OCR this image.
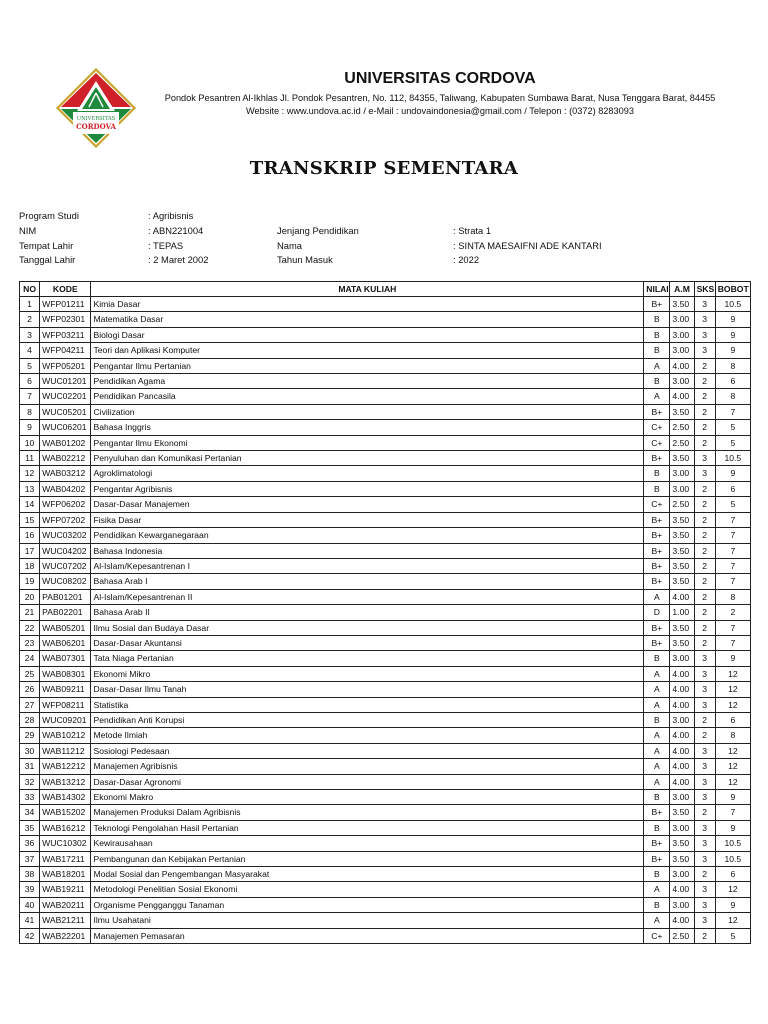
UNIVERSITAS
CORDOVA
UNIVERSITAS CORDOVA
Pondok Pesantren Al-Ikhlas Jl. Pondok Pesantren, No. 112, 84355, Taliwang, Kabupaten Sumbawa Barat, Nusa Tenggara Barat, 84455
Website : www.undova.ac.id / e-Mail : undovaindonesia@gmail.com / Telepon : (0372) 8283093
TRANSKRIP SEMENTARA
Program Studi	: Agribisnis
NIM	: ABN221004
Tempat Lahir	: TEPAS
Tanggal Lahir	: 2 Maret 2002
Jenjang Pendidikan	: Strata 1
Nama	: SINTA MAESAIFNI ADE KANTARI
Tahun Masuk	: 2022
NO	KODE	MATA KULIAH	NILAI	A.M	SKS	BOBOT
1	WFP01211	Kimia Dasar	B+	3.50	3	10.5
2	WFP02301	Matematika Dasar	B	3.00	3	9
3	WFP03211	Biologi Dasar	B	3.00	3	9
4	WFP04211	Teori dan Aplikasi Komputer	B	3.00	3	9
5	WFP05201	Pengantar Ilmu Pertanian	A	4.00	2	8
6	WUC01201	Pendidikan Agama	B	3.00	2	6
7	WUC02201	Pendidikan Pancasila	A	4.00	2	8
8	WUC05201	Civilization	B+	3.50	2	7
9	WUC06201	Bahasa Inggris	C+	2.50	2	5
10	WAB01202	Pengantar Ilmu Ekonomi	C+	2.50	2	5
11	WAB02212	Penyuluhan dan Komunikasi Pertanian	B+	3.50	3	10.5
12	WAB03212	Agroklimatologi	B	3.00	3	9
13	WAB04202	Pengantar Agribisnis	B	3.00	2	6
14	WFP06202	Dasar-Dasar Manajemen	C+	2.50	2	5
15	WFP07202	Fisika Dasar	B+	3.50	2	7
16	WUC03202	Pendidikan Kewarganegaraan	B+	3.50	2	7
17	WUC04202	Bahasa Indonesia	B+	3.50	2	7
18	WUC07202	Al-Islam/Kepesantrenan I	B+	3.50	2	7
19	WUC08202	Bahasa Arab I	B+	3.50	2	7
20	PAB01201	Al-Islam/Kepesantrenan II	A	4.00	2	8
21	PAB02201	Bahasa Arab II	D	1.00	2	2
22	WAB05201	Ilmu Sosial dan Budaya Dasar	B+	3.50	2	7
23	WAB06201	Dasar-Dasar Akuntansi	B+	3.50	2	7
24	WAB07301	Tata Niaga Pertanian	B	3.00	3	9
25	WAB08301	Ekonomi Mikro	A	4.00	3	12
26	WAB09211	Dasar-Dasar Ilmu Tanah	A	4.00	3	12
27	WFP08211	Statistika	A	4.00	3	12
28	WUC09201	Pendidikan Anti Korupsi	B	3.00	2	6
29	WAB10212	Metode Ilmiah	A	4.00	2	8
30	WAB11212	Sosiologi Pedesaan	A	4.00	3	12
31	WAB12212	Manajemen Agribisnis	A	4.00	3	12
32	WAB13212	Dasar-Dasar Agronomi	A	4.00	3	12
33	WAB14302	Ekonomi Makro	B	3.00	3	9
34	WAB15202	Manajemen Produksi Dalam Agribisnis	B+	3.50	2	7
35	WAB16212	Teknologi Pengolahan Hasil Pertanian	B	3.00	3	9
36	WUC10302	Kewirausahaan	B+	3.50	3	10.5
37	WAB17211	Pembangunan dan Kebijakan Pertanian	B+	3.50	3	10.5
38	WAB18201	Modal Sosial dan Pengembangan Masyarakat	B	3.00	2	6
39	WAB19211	Metodologi Penelitian Sosial Ekonomi	A	4.00	3	12
40	WAB20211	Organisme Pengganggu Tanaman	B	3.00	3	9
41	WAB21211	Ilmu Usahatani	A	4.00	3	12
42	WAB22201	Manajemen Pemasaran	C+	2.50	2	5
